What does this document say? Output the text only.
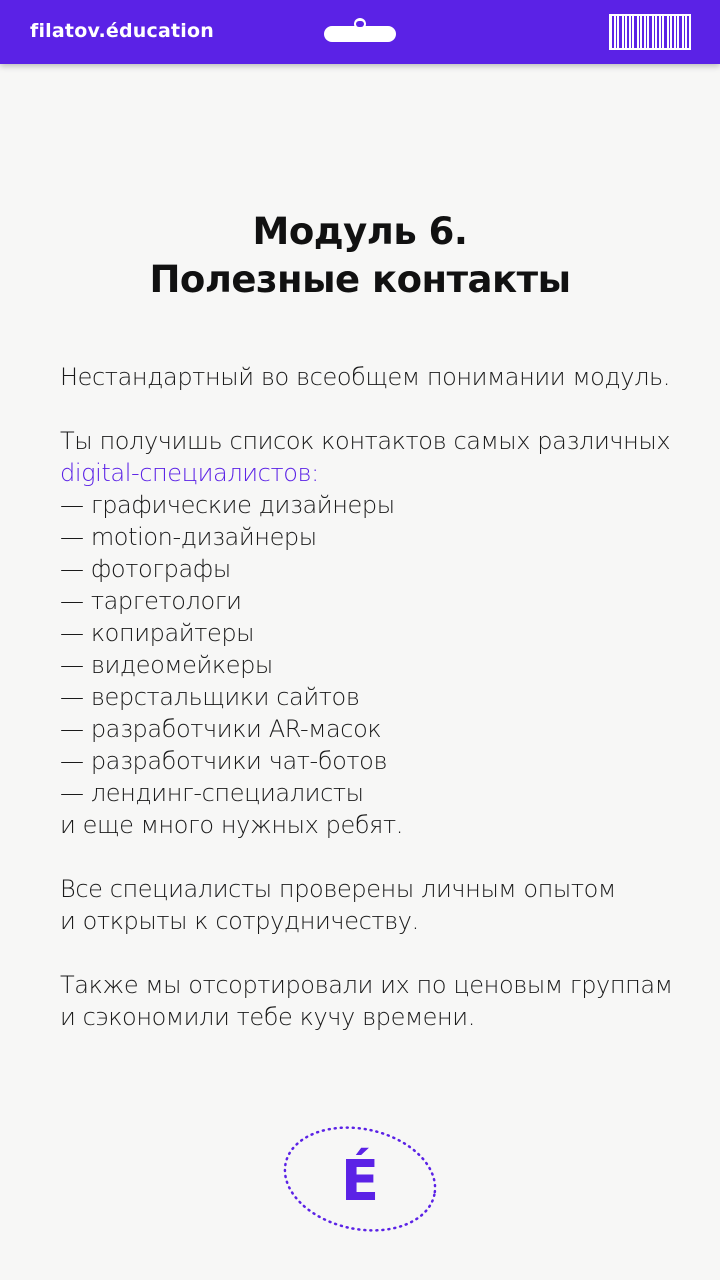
filatov.éducation
Модуль 6.
Полезные контакты
Нестандартный во всеобщем понимании модуль.
Ты получишь список контактов самых различных
digital-специалистов:
— графические дизайнеры
— motion-дизайнеры
— фотографы
— таргетологи
— копирайтеры
— видеомейкеры
— верстальщики сайтов
— разработчики AR-масок
— разработчики чат-ботов
— лендинг-специалисты
и еще много нужных ребят.
Все специалисты проверены личным опытом
и открыты к сотрудничеству.
Также мы отсортировали их по ценовым группам
и сэкономили тебе кучу времени.
É
